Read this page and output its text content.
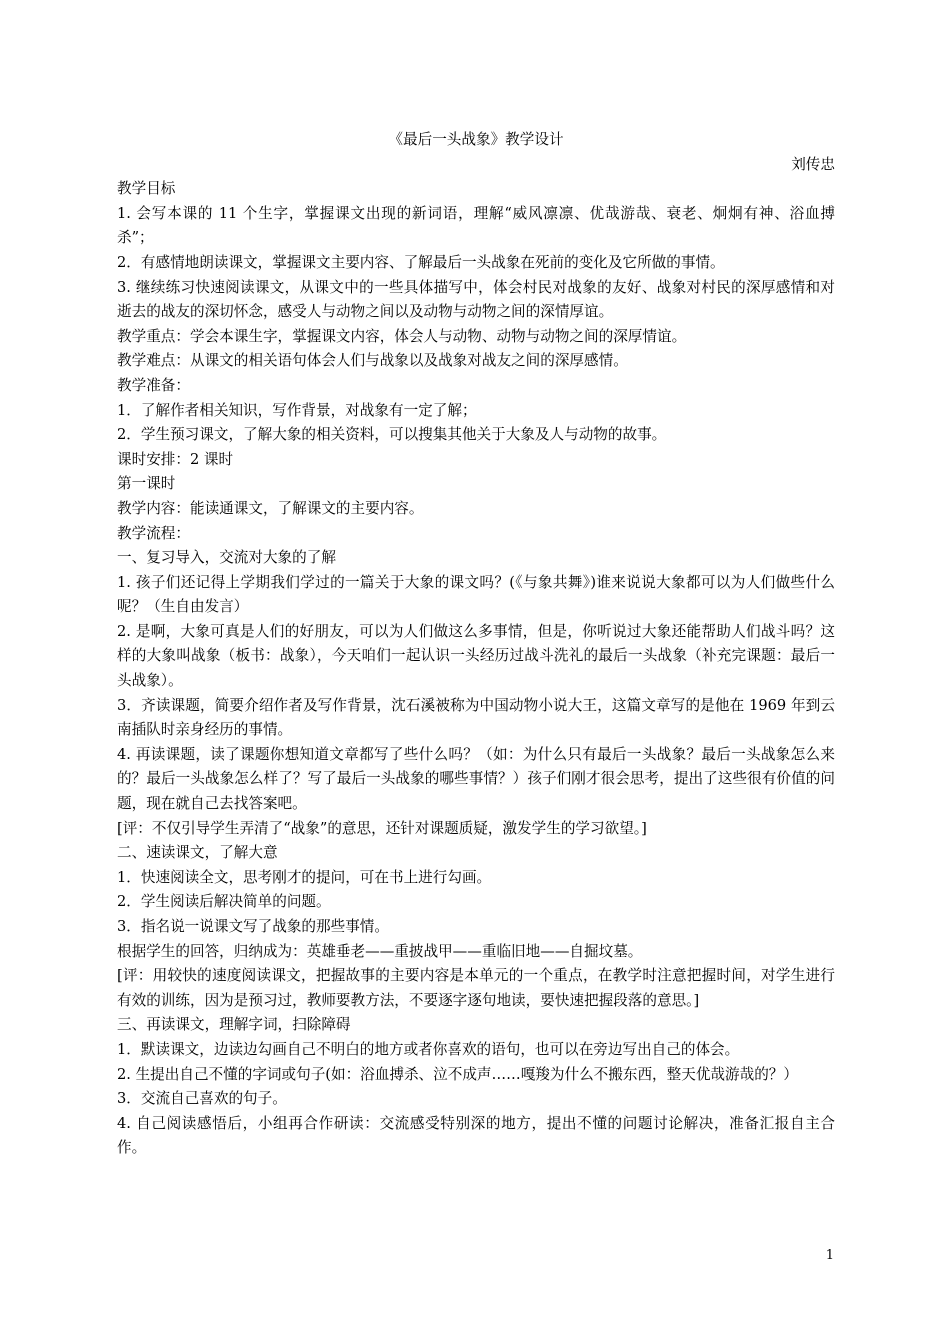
《最后一头战象》教学设计

刘传忠

教学目标

1. 会写本课的 11 个生字，掌握课文出现的新词语，理解“威风凛凛、优哉游哉、衰老、炯炯有神、浴血搏杀”；

2．有感情地朗读课文，掌握课文主要内容、了解最后一头战象在死前的变化及它所做的事情。

3. 继续练习快速阅读课文，从课文中的一些具体描写中，体会村民对战象的友好、战象对村民的深厚感情和对逝去的战友的深切怀念，感受人与动物之间以及动物与动物之间的深情厚谊。

教学重点：学会本课生字，掌握课文内容，体会人与动物、动物与动物之间的深厚情谊。

教学难点：从课文的相关语句体会人们与战象以及战象对战友之间的深厚感情。

教学准备：

1．了解作者相关知识，写作背景，对战象有一定了解；

2．学生预习课文，了解大象的相关资料，可以搜集其他关于大象及人与动物的故事。

课时安排：2 课时

第一课时

教学内容：能读通课文，了解课文的主要内容。

教学流程：

一、复习导入，交流对大象的了解

1. 孩子们还记得上学期我们学过的一篇关于大象的课文吗？(《与象共舞》)谁来说说大象都可以为人们做些什么呢？（生自由发言）

2. 是啊，大象可真是人们的好朋友，可以为人们做这么多事情，但是，你听说过大象还能帮助人们战斗吗？这样的大象叫战象（板书：战象），今天咱们一起认识一头经历过战斗洗礼的最后一头战象（补充完课题：最后一头战象）。

3．齐读课题，简要介绍作者及写作背景，沈石溪被称为中国动物小说大王，这篇文章写的是他在 1969 年到云南插队时亲身经历的事情。

4. 再读课题，读了课题你想知道文章都写了些什么吗？（如：为什么只有最后一头战象？最后一头战象怎么来的？最后一头战象怎么样了？写了最后一头战象的哪些事情？）孩子们刚才很会思考，提出了这些很有价值的问题，现在就自己去找答案吧。

[评：不仅引导学生弄清了“战象”的意思，还针对课题质疑，激发学生的学习欲望。]

二、速读课文，了解大意

1．快速阅读全文，思考刚才的提问，可在书上进行勾画。

2．学生阅读后解决简单的问题。

3．指名说一说课文写了战象的那些事情。

根据学生的回答，归纳成为：英雄垂老——重披战甲——重临旧地——自掘坟墓。

[评：用较快的速度阅读课文，把握故事的主要内容是本单元的一个重点，在教学时注意把握时间，对学生进行有效的训练，因为是预习过，教师要教方法，不要逐字逐句地读，要快速把握段落的意思。]

三、再读课文，理解字词，扫除障碍

1．默读课文，边读边勾画自己不明白的地方或者你喜欢的语句，也可以在旁边写出自己的体会。

2. 生提出自己不懂的字词或句子(如：浴血搏杀、泣不成声……嘎羧为什么不搬东西，整天优哉游哉的？）

3．交流自己喜欢的句子。

4. 自己阅读感悟后，小组再合作研读：交流感受特别深的地方，提出不懂的问题讨论解决，准备汇报自主合作。

1
